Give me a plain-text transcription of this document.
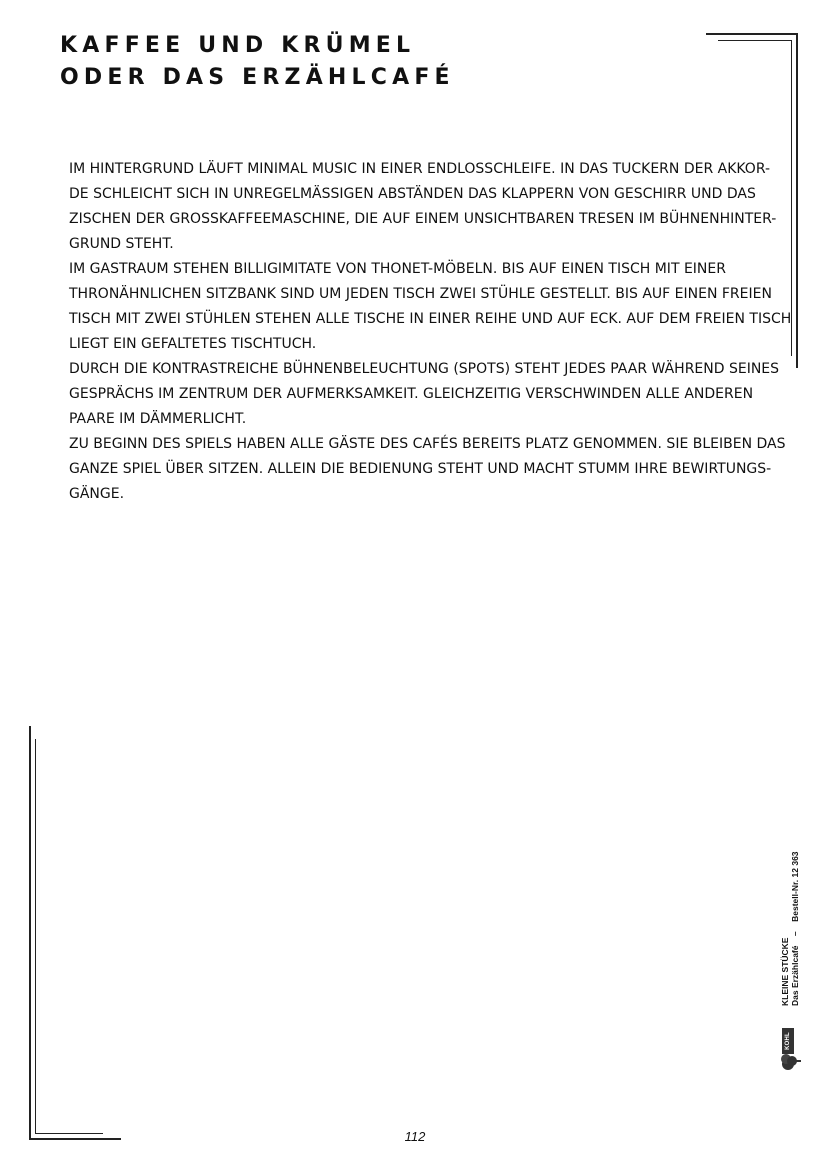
KAFFEE UND KRÜMEL
ODER DAS ERZÄHLCAFÉ

IM HINTERGRUND LÄUFT MINIMAL MUSIC IN EINER ENDLOSSCHLEIFE. IN DAS TUCKERN DER AKKOR-

DE SCHLEICHT SICH IN UNREGELMÄSSIGEN ABSTÄNDEN DAS KLAPPERN VON GESCHIRR UND DAS

ZISCHEN DER GROSSKAFFEEMASCHINE, DIE AUF EINEM UNSICHTBAREN TRESEN IM BÜHNENHINTER-

GRUND STEHT.

IM GASTRAUM STEHEN BILLIGIMITATE VON THONET-MÖBELN. BIS AUF EINEN TISCH MIT EINER

THRONÄHNLICHEN SITZBANK SIND UM JEDEN TISCH ZWEI STÜHLE GESTELLT. BIS AUF EINEN FREIEN

TISCH MIT ZWEI STÜHLEN STEHEN ALLE TISCHE IN EINER REIHE UND AUF ECK. AUF DEM FREIEN TISCH

LIEGT EIN GEFALTETES TISCHTUCH.

DURCH DIE KONTRASTREICHE BÜHNENBELEUCHTUNG (SPOTS) STEHT JEDES PAAR WÄHREND SEINES

GESPRÄCHS IM ZENTRUM DER AUFMERKSAMKEIT. GLEICHZEITIG VERSCHWINDEN ALLE ANDEREN

PAARE IM DÄMMERLICHT.

ZU BEGINN DES SPIELS HABEN ALLE GÄSTE DES CAFÉS BEREITS PLATZ GENOMMEN. SIE BLEIBEN DAS

GANZE SPIEL ÜBER SITZEN. ALLEIN DIE BEDIENUNG STEHT UND MACHT STUMM IHRE BEWIRTUNGS-

GÄNGE.

KOHL VERLAG
KLEINE STÜCKE Das Erzählcafé    –    Bestell-Nr. 12 363
112
